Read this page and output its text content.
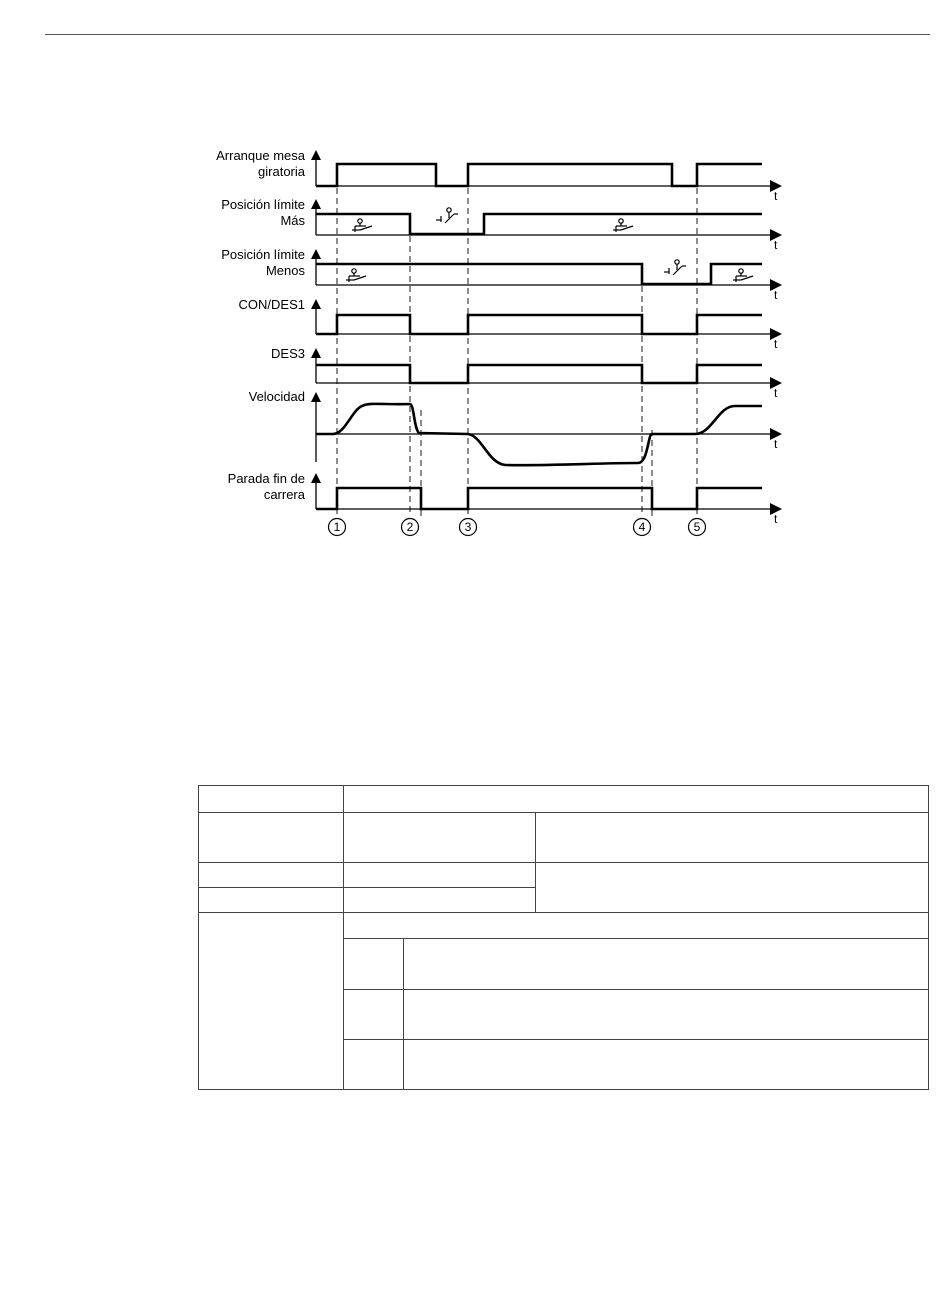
Arranque mesa
giratoria
Posición límite
Más
Posición límite
Menos
CON/DES1
DES3
Velocidad
Parada fin de
carrera
t
t
t
t
t
t
t
1	2	3	4	5
